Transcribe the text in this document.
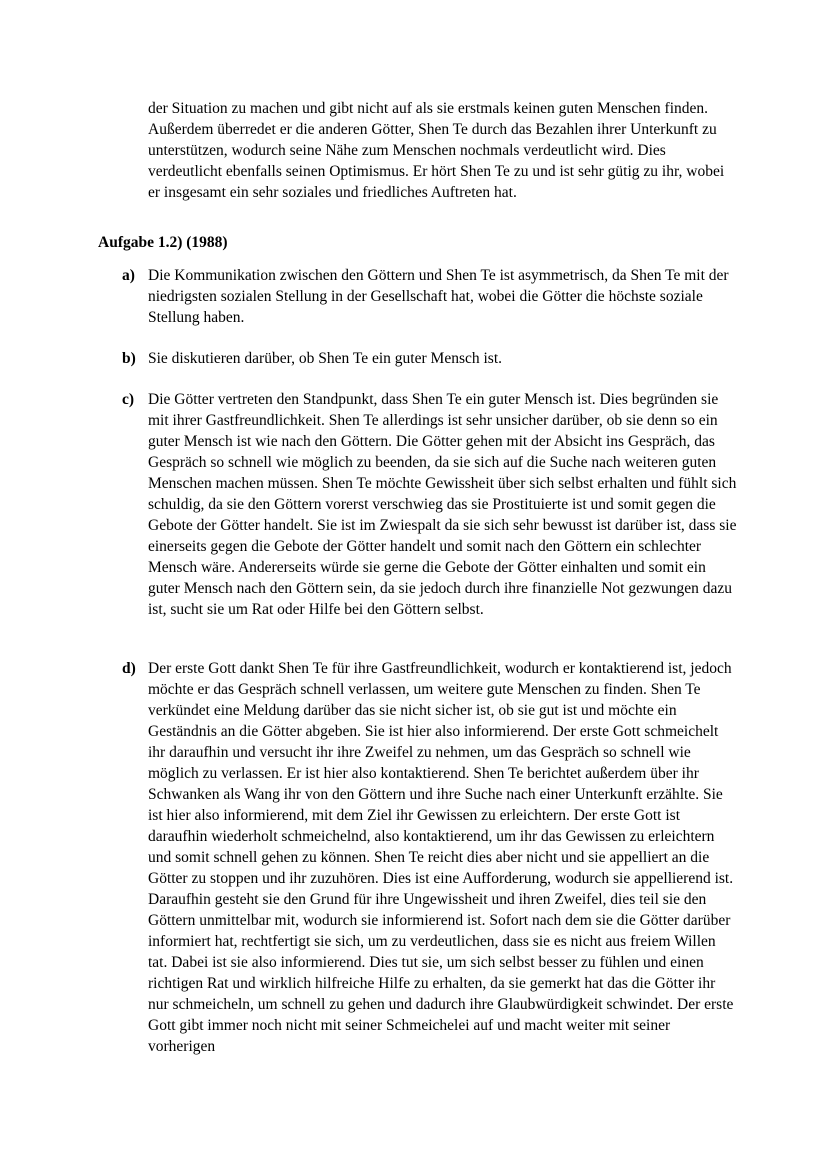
der Situation zu machen und gibt nicht auf als sie erstmals keinen guten Menschen finden. Außerdem überredet er die anderen Götter, Shen Te durch das Bezahlen ihrer Unterkunft zu unterstützen, wodurch seine Nähe zum Menschen nochmals verdeutlicht wird. Dies verdeutlicht ebenfalls seinen Optimismus. Er hört Shen Te zu und ist sehr gütig zu ihr, wobei er insgesamt ein sehr soziales und friedliches Auftreten hat.

Aufgabe 1.2) (1988)

a) Die Kommunikation zwischen den Göttern und Shen Te ist asymmetrisch, da Shen Te mit der niedrigsten sozialen Stellung in der Gesellschaft hat, wobei die Götter die höchste soziale Stellung haben.

b) Sie diskutieren darüber, ob Shen Te ein guter Mensch ist.

c) Die Götter vertreten den Standpunkt, dass Shen Te ein guter Mensch ist. Dies begründen sie mit ihrer Gastfreundlichkeit. Shen Te allerdings ist sehr unsicher darüber, ob sie denn so ein guter Mensch ist wie nach den Göttern. Die Götter gehen mit der Absicht ins Gespräch, das Gespräch so schnell wie möglich zu beenden, da sie sich auf die Suche nach weiteren guten Menschen machen müssen. Shen Te möchte Gewissheit über sich selbst erhalten und fühlt sich schuldig, da sie den Göttern vorerst verschwieg das sie Prostituierte ist und somit gegen die Gebote der Götter handelt. Sie ist im Zwiespalt da sie sich sehr bewusst ist darüber ist, dass sie einerseits gegen die Gebote der Götter handelt und somit nach den Göttern ein schlechter Mensch wäre. Andererseits würde sie gerne die Gebote der Götter einhalten und somit ein guter Mensch nach den Göttern sein, da sie jedoch durch ihre finanzielle Not gezwungen dazu ist, sucht sie um Rat oder Hilfe bei den Göttern selbst.

d) Der erste Gott dankt Shen Te für ihre Gastfreundlichkeit, wodurch er kontaktierend ist, jedoch möchte er das Gespräch schnell verlassen, um weitere gute Menschen zu finden. Shen Te verkündet eine Meldung darüber das sie nicht sicher ist, ob sie gut ist und möchte ein Geständnis an die Götter abgeben. Sie ist hier also informierend. Der erste Gott schmeichelt ihr daraufhin und versucht ihr ihre Zweifel zu nehmen, um das Gespräch so schnell wie möglich zu verlassen. Er ist hier also kontaktierend. Shen Te berichtet außerdem über ihr Schwanken als Wang ihr von den Göttern und ihre Suche nach einer Unterkunft erzählte. Sie ist hier also informierend, mit dem Ziel ihr Gewissen zu erleichtern. Der erste Gott ist daraufhin wiederholt schmeichelnd, also kontaktierend, um ihr das Gewissen zu erleichtern und somit schnell gehen zu können. Shen Te reicht dies aber nicht und sie appelliert an die Götter zu stoppen und ihr zuzuhören. Dies ist eine Aufforderung, wodurch sie appellierend ist. Daraufhin gesteht sie den Grund für ihre Ungewissheit und ihren Zweifel, dies teil sie den Göttern unmittelbar mit, wodurch sie informierend ist. Sofort nach dem sie die Götter darüber informiert hat, rechtfertigt sie sich, um zu verdeutlichen, dass sie es nicht aus freiem Willen tat. Dabei ist sie also informierend. Dies tut sie, um sich selbst besser zu fühlen und einen richtigen Rat und wirklich hilfreiche Hilfe zu erhalten, da sie gemerkt hat das die Götter ihr nur schmeicheln, um schnell zu gehen und dadurch ihre Glaubwürdigkeit schwindet. Der erste Gott gibt immer noch nicht mit seiner Schmeichelei auf und macht weiter mit seiner vorherigen
